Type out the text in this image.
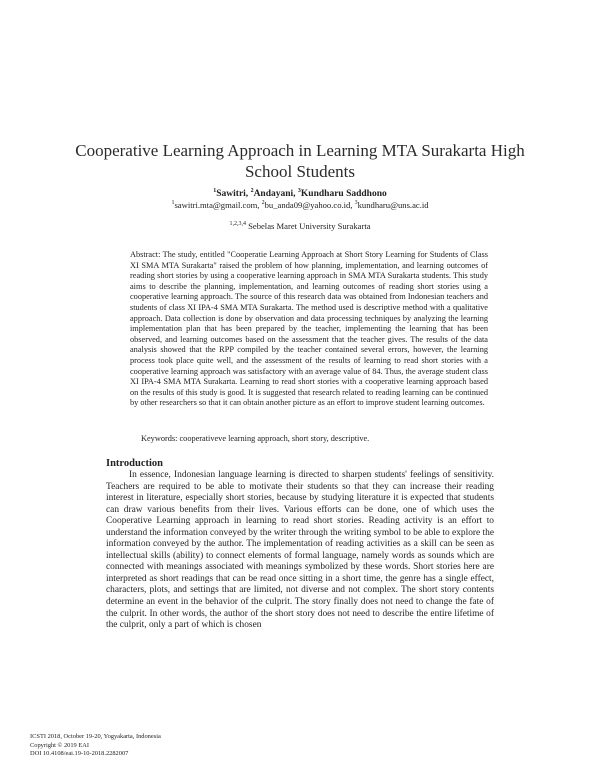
Cooperative Learning Approach in Learning MTA Surakarta High School Students
$^1$Sawitri, $^2$Andayani, $^3$Kundharu Saddhono
$^1$sawitri.mta@gmail.com, $^2$bu_anda09@yahoo.co.id, $^3$kundharu@uns.ac.id
$^{1,2,3,4}$ Sebelas Maret University Surakarta
Abstract: The study, entitled "Cooperatie Learning Approach at Short Story Learning for Students of Class XI SMA MTA Surakarta" raised the problem of how planning, implementation, and learning outcomes of reading short stories by using a cooperative learning approach in SMA MTA Surakarta students. This study aims to describe the planning, implementation, and learning outcomes of reading short stories using a cooperative learning approach. The source of this research data was obtained from Indonesian teachers and students of class XI IPA-4 SMA MTA Surakarta. The method used is descriptive method with a qualitative approach. Data collection is done by observation and data processing techniques by analyzing the learning implementation plan that has been prepared by the teacher, implementing the learning that has been observed, and learning outcomes based on the assessment that the teacher gives. The results of the data analysis showed that the RPP compiled by the teacher contained several errors, however, the learning process took place quite well, and the assessment of the results of learning to read short stories with a cooperative learning approach was satisfactory with an average value of 84. Thus, the average student class XI IPA-4 SMA MTA Surakarta. Learning to read short stories with a cooperative learning approach based on the results of this study is good. It is suggested that research related to reading learning can be continued by other researchers so that it can obtain another picture as an effort to improve student learning outcomes.
Keywords: cooperativeve learning approach, short story, descriptive.
Introduction
In essence, Indonesian language learning is directed to sharpen students' feelings of sensitivity. Teachers are required to be able to motivate their students so that they can increase their reading interest in literature, especially short stories, because by studying literature it is expected that students can draw various benefits from their lives. Various efforts can be done, one of which uses the Cooperative Learning approach in learning to read short stories. Reading activity is an effort to understand the information conveyed by the writer through the writing symbol to be able to explore the information conveyed by the author. The implementation of reading activities as a skill can be seen as intellectual skills (ability) to connect elements of formal language, namely words as sounds which are connected with meanings associated with meanings symbolized by these words. Short stories here are interpreted as short readings that can be read once sitting in a short time, the genre has a single effect, characters, plots, and settings that are limited, not diverse and not complex. The short story contents determine an event in the behavior of the culprit. The story finally does not need to change the fate of the culprit. In other words, the author of the short story does not need to describe the entire lifetime of the culprit, only a part of which is chosen
ICSTI 2018, October 19-20, Yogyakarta, Indonesia
Copyright © 2019 EAI
DOI 10.4108/eai.19-10-2018.2282007
